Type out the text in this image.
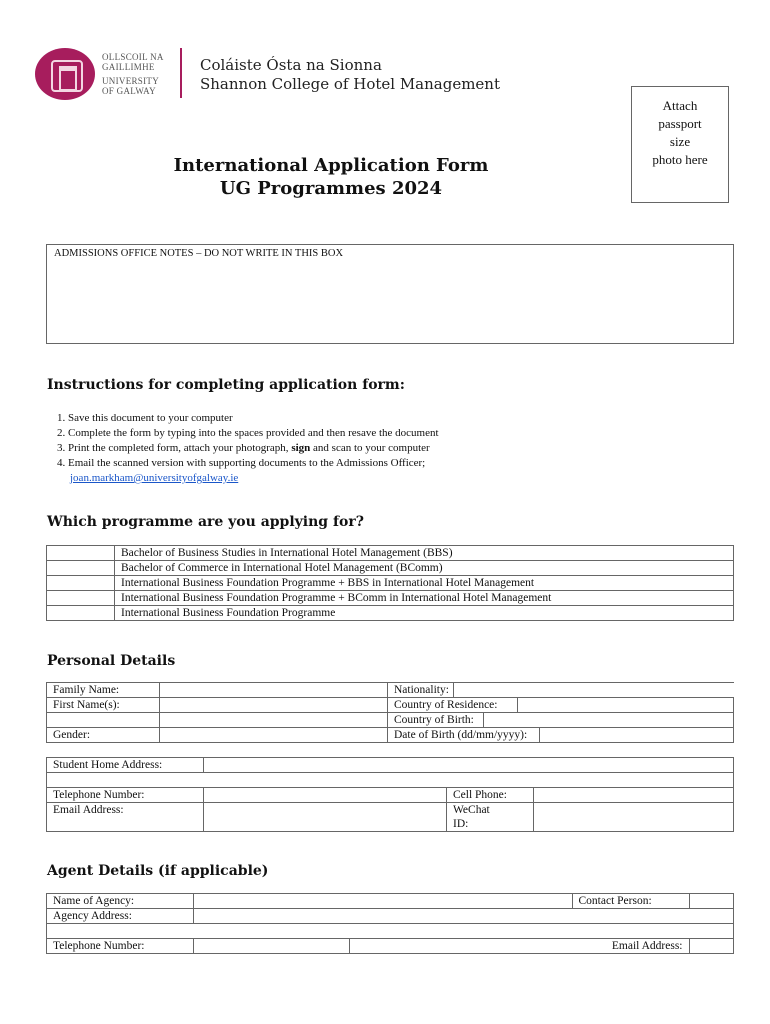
OLLSCOIL NA
GAILLIMHE
UNIVERSITY
OF GALWAY
Coláiste Ósta na Sionna
Shannon College of Hotel Management
Attach
passport
size
photo here
International Application Form
UG Programmes 2024
ADMISSIONS OFFICE NOTES – DO NOT WRITE IN THIS BOX
Instructions for completing application form:
1. Save this document to your computer
2. Complete the form by typing into the spaces provided and then resave the document
3. Print the completed form, attach your photograph, sign and scan to your computer
4. Email the scanned version with supporting documents to the Admissions Officer;
joan.markham@universityofgalway.ie
Which programme are you applying for?
	Bachelor of Business Studies in International Hotel Management (BBS)
	Bachelor of Commerce in International Hotel Management (BComm)
	International Business Foundation Programme + BBS in International Hotel Management
	International Business Foundation Programme + BComm in International Hotel Management
	International Business Foundation Programme
Personal Details
Family Name:		Nationality:
First Name(s):		Country of Residence:
		Country of Birth:
Gender:		Date of Birth (dd/mm/yyyy):
Student Home Address:			

Telephone Number:		Cell Phone:	
Email Address:		WeChat
ID:	

Agent Details (if applicable)
Name of Agency:			Contact Person:	
Agency Address:				

Telephone Number:		Email Address:		
